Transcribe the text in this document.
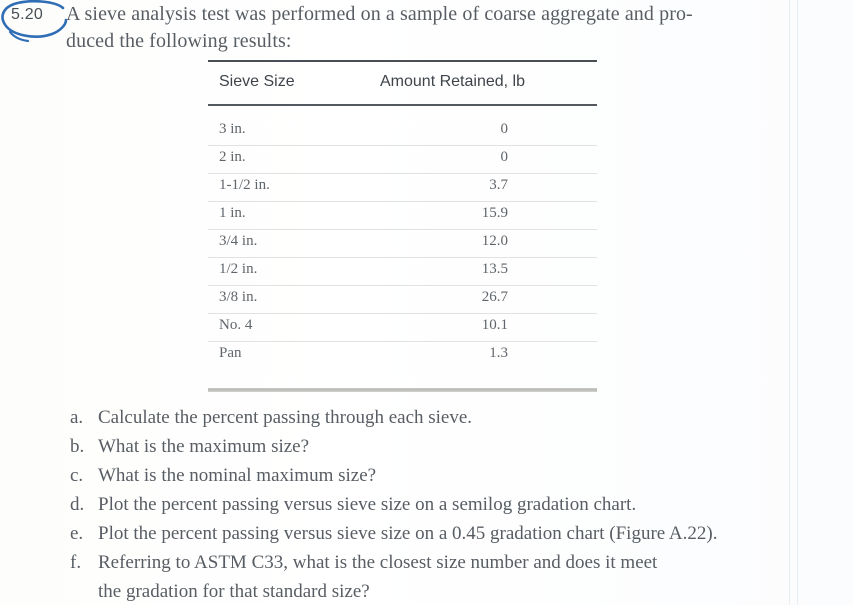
5.20 A sieve analysis test was performed on a sample of coarse aggregate and pro-
duced the following results:
Sieve Size	Amount Retained, lb
3 in.	0
2 in.	0
1-1/2 in.	3.7
1 in.	15.9
3/4 in.	12.0
1/2 in.	13.5
3/8 in.	26.7
No. 4	10.1
Pan	1.3
a. Calculate the percent passing through each sieve.
b. What is the maximum size?
c. What is the nominal maximum size?
d. Plot the percent passing versus sieve size on a semilog gradation chart.
e. Plot the percent passing versus sieve size on a 0.45 gradation chart (Figure A.22).
f. Referring to ASTM C33, what is the closest size number and does it meet
the gradation for that standard size?
